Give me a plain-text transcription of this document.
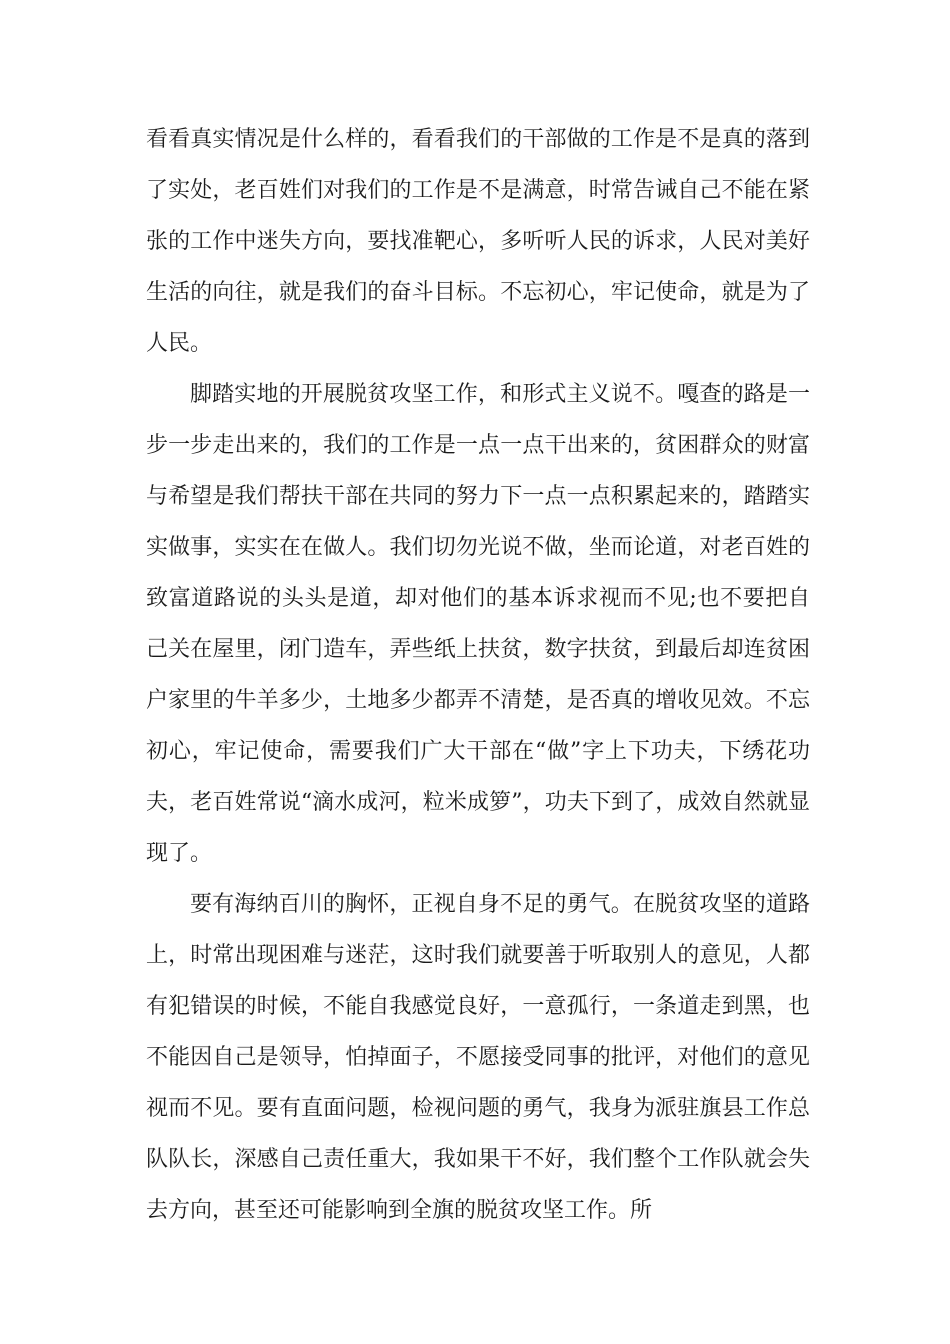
看看真实情况是什么样的，看看我们的干部做的工作是不是真的落到了实处，老百姓们对我们的工作是不是满意，时常告诫自己不能在紧张的工作中迷失方向，要找准靶心，多听听人民的诉求，人民对美好生活的向往，就是我们的奋斗目标。不忘初心，牢记使命，就是为了人民。

脚踏实地的开展脱贫攻坚工作，和形式主义说不。嘎查的路是一步一步走出来的，我们的工作是一点一点干出来的，贫困群众的财富与希望是我们帮扶干部在共同的努力下一点一点积累起来的，踏踏实实做事，实实在在做人。我们切勿光说不做，坐而论道，对老百姓的致富道路说的头头是道，却对他们的基本诉求视而不见;也不要把自己关在屋里，闭门造车，弄些纸上扶贫，数字扶贫，到最后却连贫困户家里的牛羊多少，土地多少都弄不清楚，是否真的增收见效。不忘初心，牢记使命，需要我们广大干部在“做”字上下功夫，下绣花功夫，老百姓常说“滴水成河，粒米成箩”，功夫下到了，成效自然就显现了。

要有海纳百川的胸怀，正视自身不足的勇气。在脱贫攻坚的道路上，时常出现困难与迷茫，这时我们就要善于听取别人的意见，人都有犯错误的时候，不能自我感觉良好，一意孤行，一条道走到黑，也不能因自己是领导，怕掉面子，不愿接受同事的批评，对他们的意见视而不见。要有直面问题，检视问题的勇气，我身为派驻旗县工作总队队长，深感自己责任重大，我如果干不好，我们整个工作队就会失去方向，甚至还可能影响到全旗的脱贫攻坚工作。所
